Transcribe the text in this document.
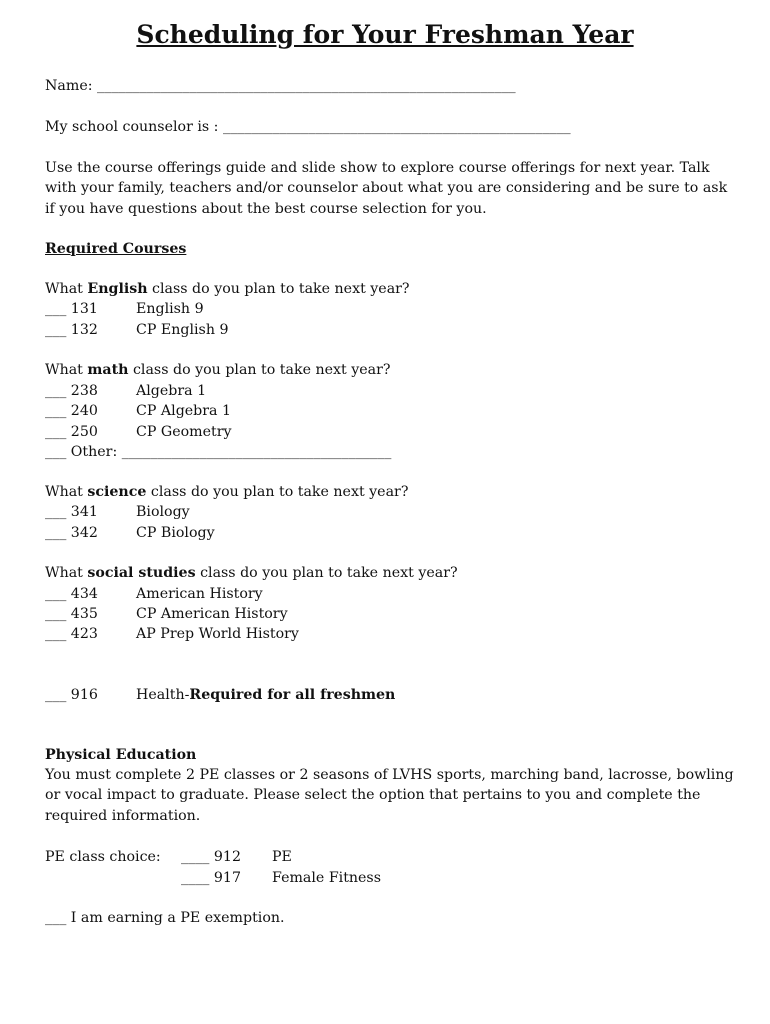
Scheduling for Your Freshman Year
Name: ___________________________________________________________
My school counselor is : _________________________________________________
Use the course offerings guide and slide show to explore course offerings for next year. Talk with your family, teachers and/or counselor about what you are considering and be sure to ask if you have questions about the best course selection for you.
Required Courses
What English class do you plan to take next year?
___ 131	English 9
___ 132	CP English 9
What math class do you plan to take next year?
___ 238	Algebra 1
___ 240	CP Algebra 1
___ 250	CP Geometry
___ Other: ______________________________________
What science class do you plan to take next year?
___ 341	Biology
___ 342	CP Biology
What social studies class do you plan to take next year?
___ 434	American History
___ 435	CP American History
___ 423	AP Prep World History
___ 916	Health-Required for all freshmen
Physical Education
You must complete 2 PE classes or 2 seasons of LVHS sports, marching band, lacrosse, bowling or vocal impact to graduate. Please select the option that pertains to you and complete the required information.
PE class choice: ____ 912 PE
____ 917 Female Fitness
___ I am earning a PE exemption.
